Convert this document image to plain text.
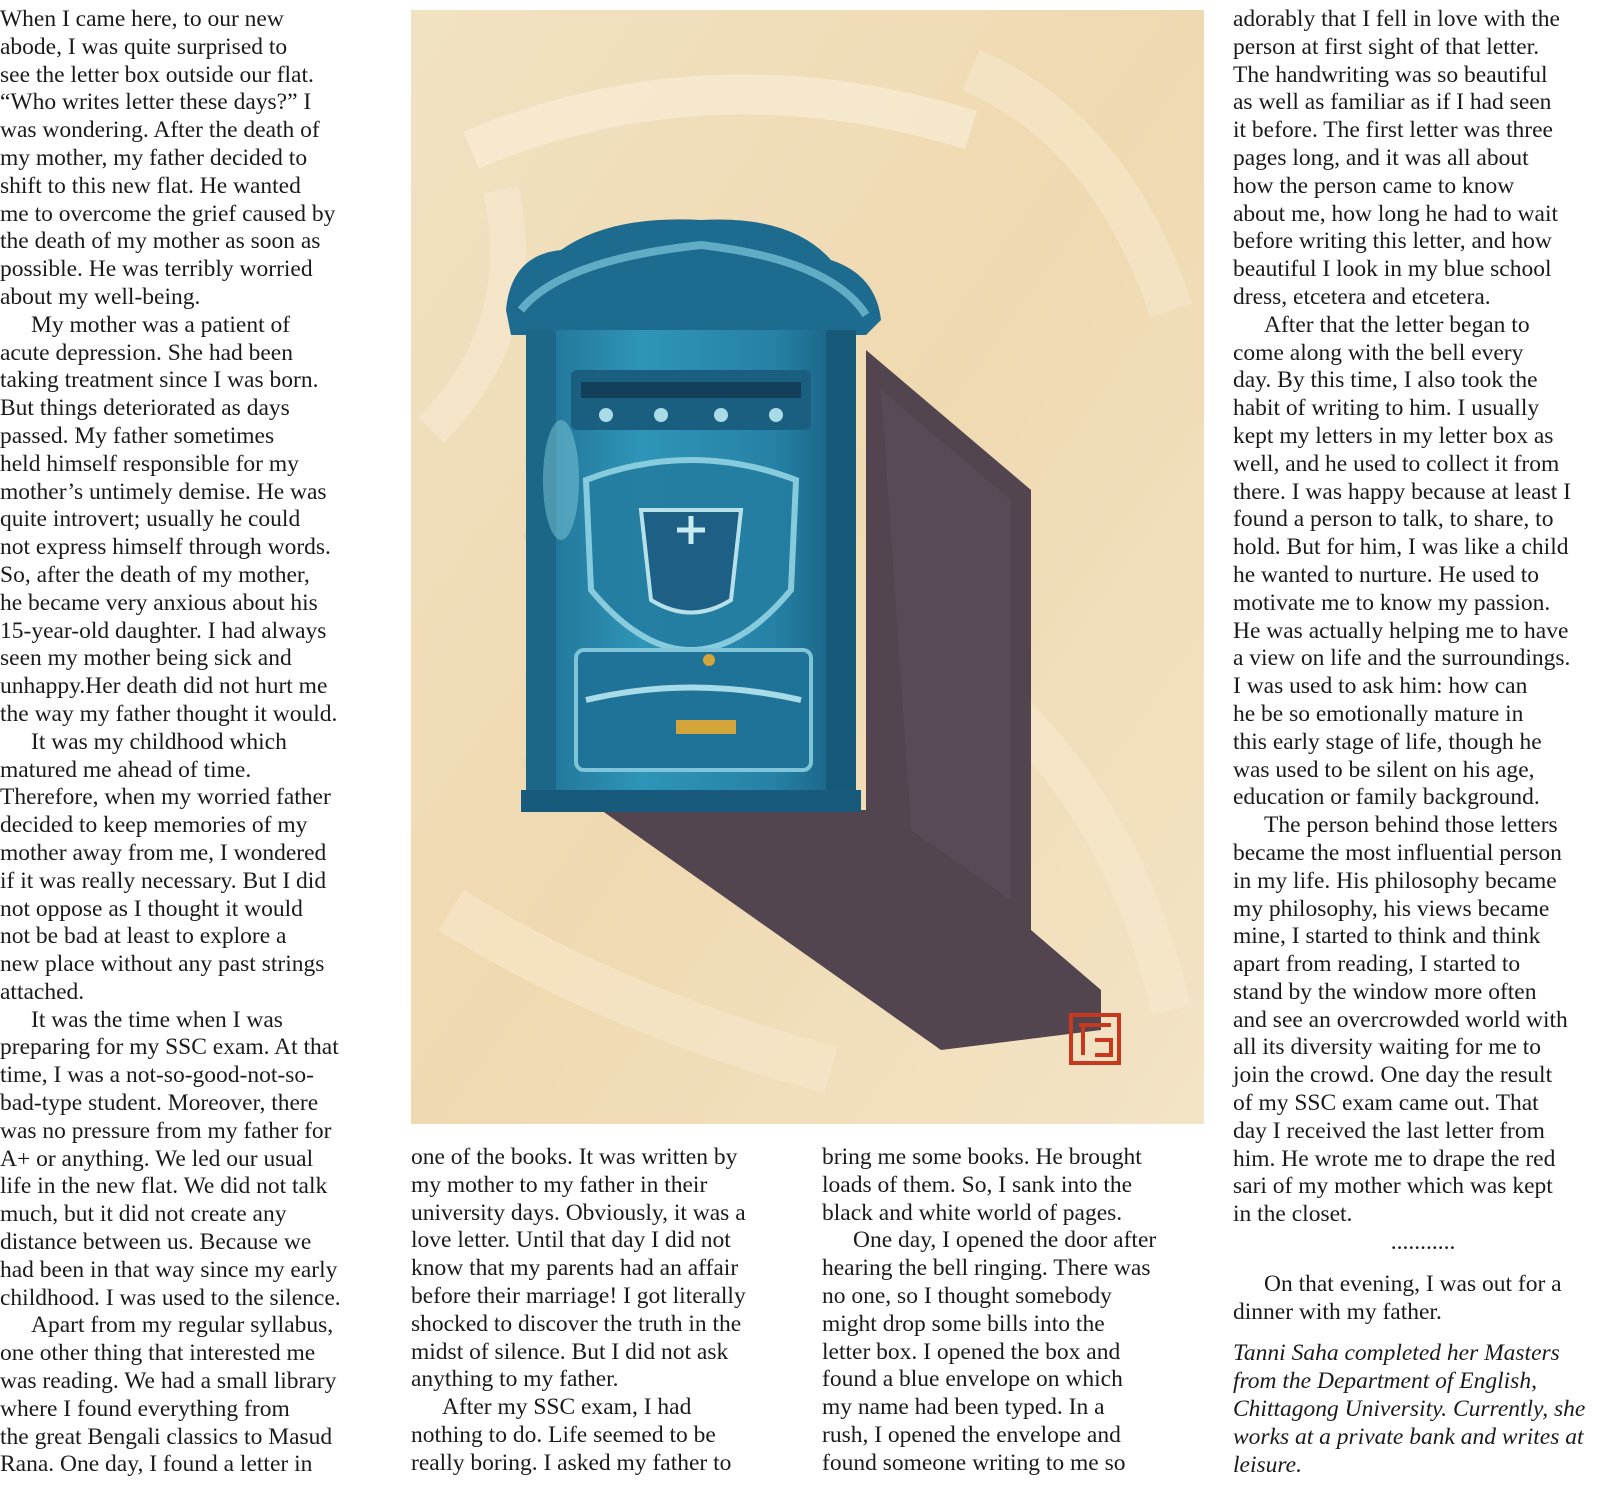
When I came here, to our new
abode, I was quite surprised to
see the letter box outside our flat.
“Who writes letter these days?” I
was wondering. After the death of
my mother, my father decided to
shift to this new flat. He wanted
me to overcome the grief caused by
the death of my mother as soon as
possible. He was terribly worried
about my well-being.
My mother was a patient of
acute depression. She had been
taking treatment since I was born.
But things deteriorated as days
passed. My father sometimes
held himself responsible for my
mother’s untimely demise. He was
quite introvert; usually he could
not express himself through words.
So, after the death of my mother,
he became very anxious about his
15-year-old daughter. I had always
seen my mother being sick and
unhappy.Her death did not hurt me
the way my father thought it would.
It was my childhood which
matured me ahead of time.
Therefore, when my worried father
decided to keep memories of my
mother away from me, I wondered
if it was really necessary. But I did
not oppose as I thought it would
not be bad at least to explore a
new place without any past strings
attached.
It was the time when I was
preparing for my SSC exam. At that
time, I was a not-so-good-not-so-
bad-type student. Moreover, there
was no pressure from my father for
A+ or anything. We led our usual
life in the new flat. We did not talk
much, but it did not create any
distance between us. Because we
had been in that way since my early
childhood. I was used to the silence.
Apart from my regular syllabus,
one other thing that interested me
was reading. We had a small library
where I found everything from
the great Bengali classics to Masud
Rana. One day, I found a letter in
one of the books. It was written by
my mother to my father in their
university days. Obviously, it was a
love letter. Until that day I did not
know that my parents had an affair
before their marriage! I got literally
shocked to discover the truth in the
midst of silence. But I did not ask
anything to my father.
After my SSC exam, I had
nothing to do. Life seemed to be
really boring. I asked my father to
bring me some books. He brought
loads of them. So, I sank into the
black and white world of pages.
One day, I opened the door after
hearing the bell ringing. There was
no one, so I thought somebody
might drop some bills into the
letter box. I opened the box and
found a blue envelope on which
my name had been typed. In a
rush, I opened the envelope and
found someone writing to me so
adorably that I fell in love with the
person at first sight of that letter.
The handwriting was so beautiful
as well as familiar as if I had seen
it before. The first letter was three
pages long, and it was all about
how the person came to know
about me, how long he had to wait
before writing this letter, and how
beautiful I look in my blue school
dress, etcetera and etcetera.
After that the letter began to
come along with the bell every
day. By this time, I also took the
habit of writing to him. I usually
kept my letters in my letter box as
well, and he used to collect it from
there. I was happy because at least I
found a person to talk, to share, to
hold. But for him, I was like a child
he wanted to nurture. He used to
motivate me to know my passion.
He was actually helping me to have
a view on life and the surroundings.
I was used to ask him: how can
he be so emotionally mature in
this early stage of life, though he
was used to be silent on his age,
education or family background.
The person behind those letters
became the most influential person
in my life. His philosophy became
my philosophy, his views became
mine, I started to think and think
apart from reading, I started to
stand by the window more often
and see an overcrowded world with
all its diversity waiting for me to
join the crowd. One day the result
of my SSC exam came out. That
day I received the last letter from
him. He wrote me to drape the red
sari of my mother which was kept
in the closet.
...........
On that evening, I was out for a
dinner with my father.
Tanni Saha completed her Masters
from the Department of English,
Chittagong University. Currently, she
works at a private bank and writes at
leisure.
